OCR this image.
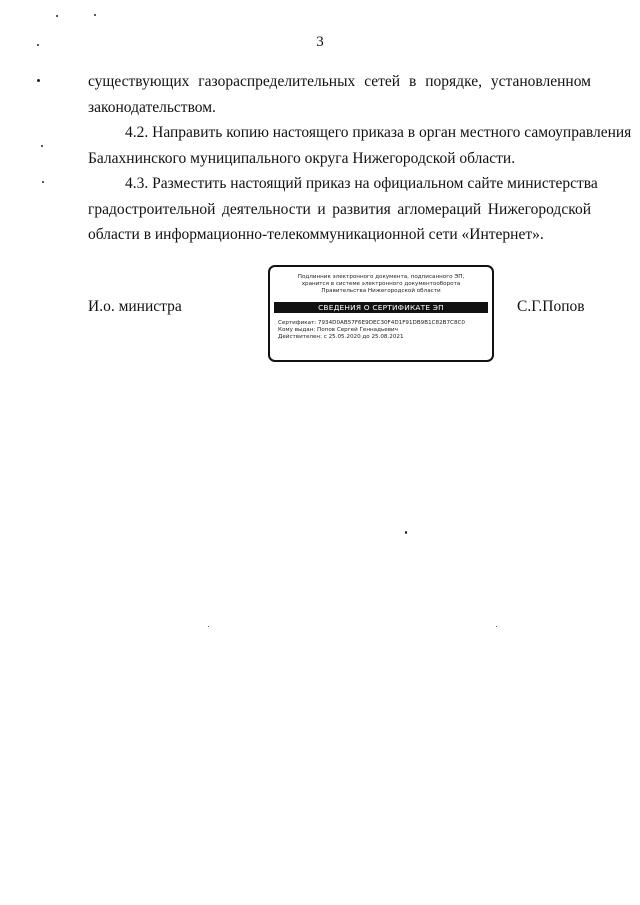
3
существующих газораспределительных сетей в порядке, установленном
законодательством.
4.2. Направить копию настоящего приказа в орган местного самоуправления
Балахнинского муниципального округа Нижегородской области.
4.3. Разместить настоящий приказ на официальном сайте министерства
градостроительной деятельности и развития агломераций Нижегородской
области в информационно-телекоммуникационной сети «Интернет».
И.о. министра
Подлинник электронного документа, подписанного ЭП,
хранится в системе электронного документооборота
Правительства Нижегородской области
СВЕДЕНИЯ О СЕРТИФИКАТЕ ЭП
Сертификат: 7934D0AB57F6E9DEC30F4D1F91DB9B1C82B7C8C0
Кому выдан: Попов Сергей Геннадьевич
Действителен: с 25.05.2020 до 25.08.2021
С.Г.Попов
